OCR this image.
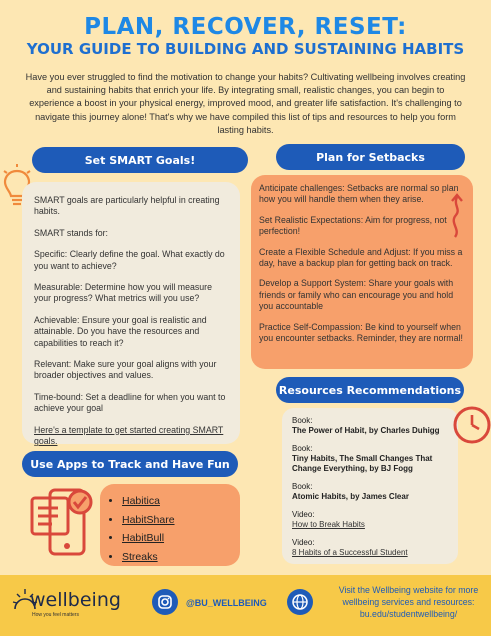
PLAN, RECOVER, RESET:
YOUR GUIDE TO BUILDING AND SUSTAINING HABITS
Have you ever struggled to find the motivation to change your habits? Cultivating wellbeing involves creating and sustaining habits that enrich your life. By integrating small, realistic changes, you can begin to experience a boost in your physical energy, improved mood, and greater life satisfaction. It's challenging to navigate this journey alone! That's why we have compiled this list of tips and resources to help you form lasting habits.
Set SMART Goals!

SMART goals are particularly helpful in creating habits.

SMART stands for:

Specific: Clearly define the goal. What exactly do you want to achieve?

Measurable: Determine how you will measure your progress? What metrics will you use?

Achievable: Ensure your goal is realistic and attainable. Do you have the resources and capabilities to reach it?

Relevant: Make sure your goal aligns with your broader objectives and values.

Time-bound: Set a deadline for when you want to achieve your goal

Here's a template to get started creating SMART goals.

Plan for Setbacks

Anticipate challenges: Setbacks are normal so plan how you will handle them when they arise.

Set Realistic Expectations: Aim for progress, not perfection!

Create a Flexible Schedule and Adjust: If you miss a day, have a backup plan for getting back on track.

Develop a Support System: Share your goals with friends or family who can encourage you and hold you accountable

Practice Self-Compassion: Be kind to yourself when you encounter setbacks. Reminder, they are normal!

Resources Recommendations
Book:
The Power of Habit, by Charles Duhigg
Book:
Tiny Habits, The Small Changes That Change Everything, by BJ Fogg
Book:
Atomic Habits, by James Clear
Video:
How to Break Habits
Video:
8 Habits of a Successful Student
Use Apps to Track and Have Fun
• Habitica
• HabitShare
• HabitBull
• Streaks
wellbeing
How you feel matters
@BU_WELLBEING
Visit the Wellbeing website for more wellbeing services and resources: bu.edu/studentwellbeing/
